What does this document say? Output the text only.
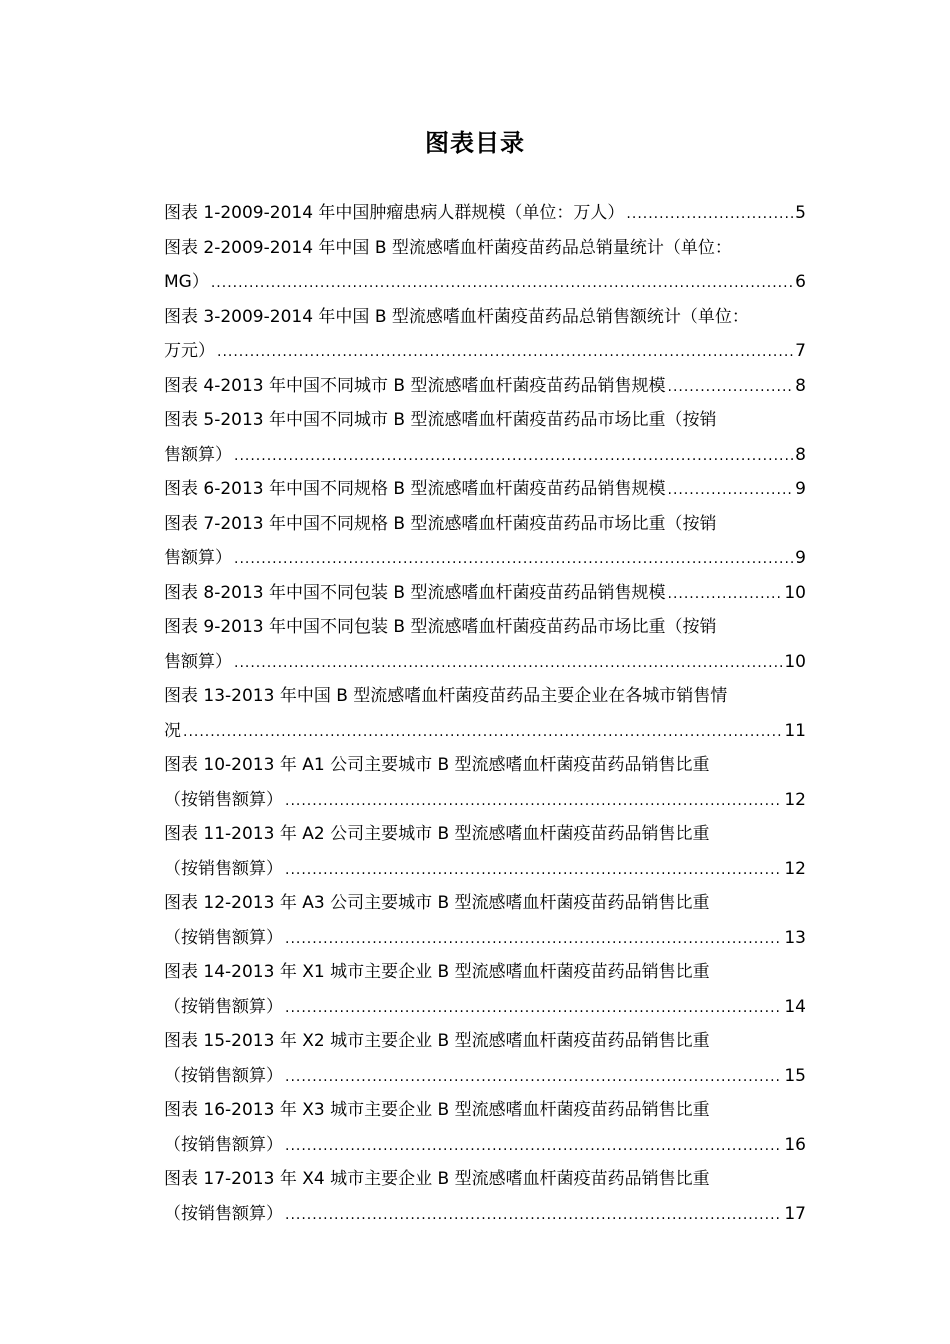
图表目录
图表 1-2009-2014 年中国肿瘤患病人群规模（单位：万人） .....	5
图表 2-2009-2014 年中国 B 型流感嗜血杆菌疫苗药品总销量统计（单位：
MG） .....	6
图表 3-2009-2014 年中国 B 型流感嗜血杆菌疫苗药品总销售额统计（单位：
万元） .....	7
图表 4-2013 年中国不同城市 B 型流感嗜血杆菌疫苗药品销售规模 .....	8
图表 5-2013 年中国不同城市 B 型流感嗜血杆菌疫苗药品市场比重（按销
售额算） .....	8
图表 6-2013 年中国不同规格 B 型流感嗜血杆菌疫苗药品销售规模 .....	9
图表 7-2013 年中国不同规格 B 型流感嗜血杆菌疫苗药品市场比重（按销
售额算） .....	9
图表 8-2013 年中国不同包装 B 型流感嗜血杆菌疫苗药品销售规模 .....	10
图表 9-2013 年中国不同包装 B 型流感嗜血杆菌疫苗药品市场比重（按销
售额算） .....	10
图表 13-2013 年中国 B 型流感嗜血杆菌疫苗药品主要企业在各城市销售情
况 .....	11
图表 10-2013 年 A1 公司主要城市 B 型流感嗜血杆菌疫苗药品销售比重
（按销售额算） .....	12
图表 11-2013 年 A2 公司主要城市 B 型流感嗜血杆菌疫苗药品销售比重
（按销售额算） .....	12
图表 12-2013 年 A3 公司主要城市 B 型流感嗜血杆菌疫苗药品销售比重
（按销售额算） .....	13
图表 14-2013 年 X1 城市主要企业 B 型流感嗜血杆菌疫苗药品销售比重
（按销售额算） .....	14
图表 15-2013 年 X2 城市主要企业 B 型流感嗜血杆菌疫苗药品销售比重
（按销售额算） .....	15
图表 16-2013 年 X3 城市主要企业 B 型流感嗜血杆菌疫苗药品销售比重
（按销售额算） .....	16
图表 17-2013 年 X4 城市主要企业 B 型流感嗜血杆菌疫苗药品销售比重
（按销售额算） .....	17
